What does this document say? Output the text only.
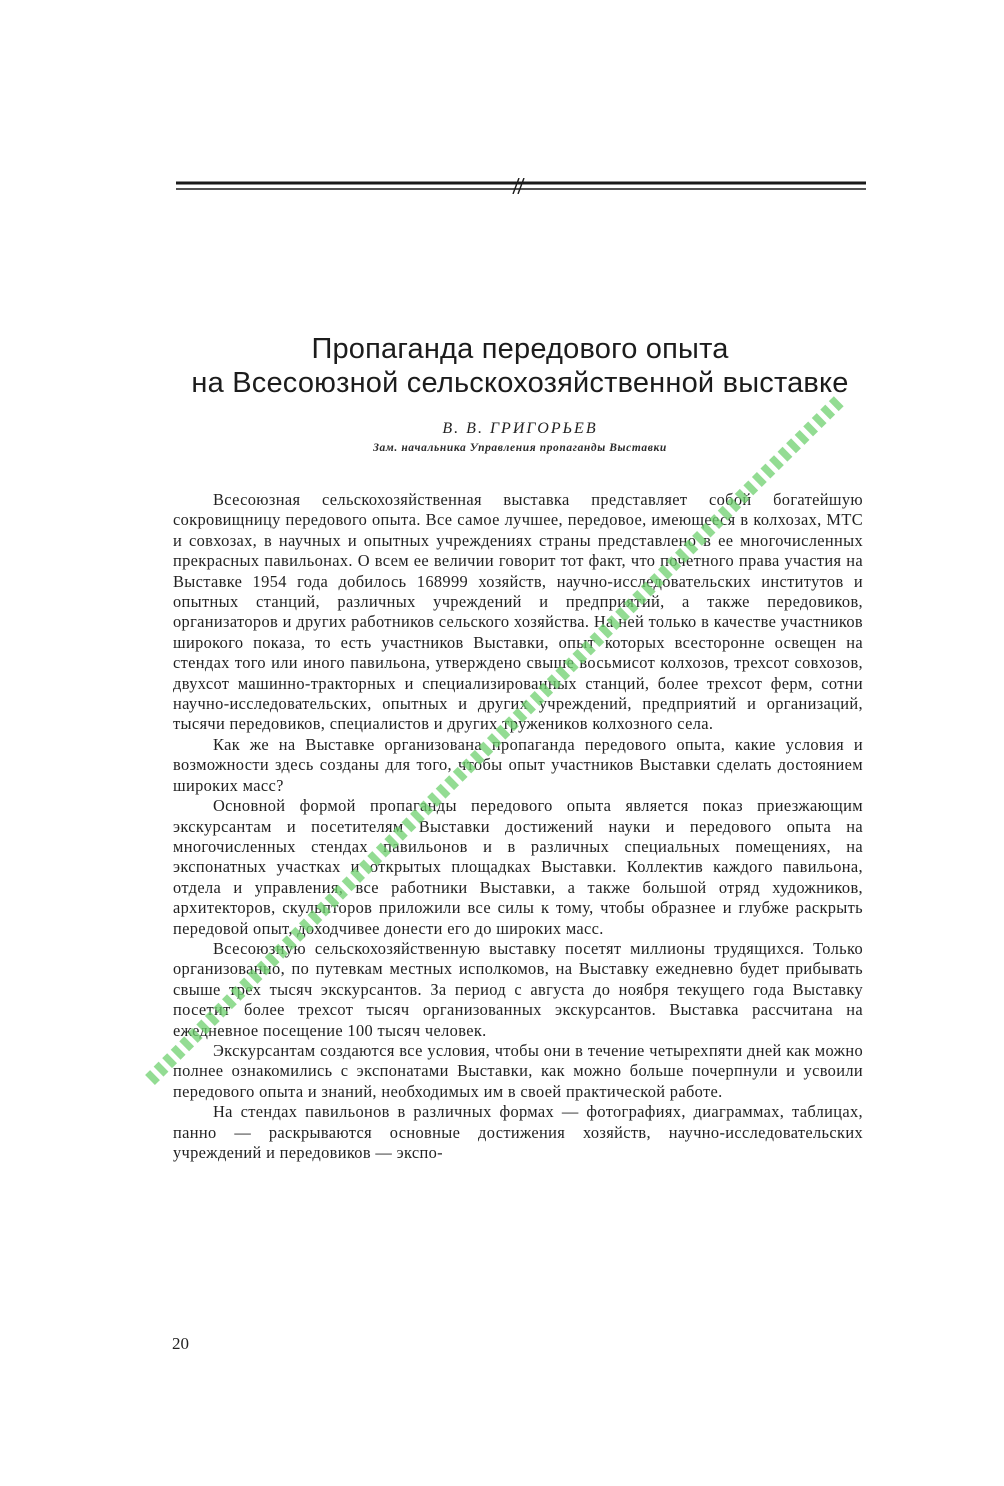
Пропаганда передового опыта
на Всесоюзной сельскохозяйственной выставке
В. В. ГРИГОРЬЕВ
Зам. начальника Управления пропаганды Выставки

Всесоюзная сельскохозяйственная выставка представляет собой богатейшую сокровищницу передового опыта. Все самое лучшее, передовое, имеющееся в колхозах, МТС и совхозах, в научных и опытных учреждениях страны представлено в ее многочисленных прекрасных павильонах. О всем ее величии говорит тот факт, что почетного права участия на Выставке 1954 года добилось 168999 хозяйств, научно-исследовательских институтов и опытных станций, различных учреждений и предприятий, а также передовиков, организаторов и других работников сельского хозяйства. На ней только в качестве участников широкого показа, то есть участников Выставки, опыт которых всесторонне освещен на стендах того или иного павильона, утверждено свыше восьмисот колхозов, трехсот совхозов, двухсот машинно-тракторных и специализированных станций, более трехсот ферм, сотни научно-исследовательских, опытных и других учреждений, предприятий и организаций, тысячи передовиков, специалистов и других тружеников колхозного села.

Как же на Выставке организована пропаганда передового опыта, какие условия и возможности здесь созданы для того, чтобы опыт участников Выставки сделать достоянием широких масс?

Основной формой пропаганды передового опыта является показ приезжающим экскурсантам и посетителям Выставки достижений науки и передового опыта на многочисленных стендах павильонов и в различных специальных помещениях, на экспонатных участках и открытых площадках Выставки. Коллектив каждого павильона, отдела и управления, все работники Выставки, а также большой отряд художников, архитекторов, скульпторов приложили все силы к тому, чтобы образнее и глубже раскрыть передовой опыт, доходчивее донести его до широких масс.

Всесоюзную сельскохозяйственную выставку посетят миллионы трудящихся. Только организованно, по путевкам местных исполкомов, на Выставку ежедневно будет прибывать свыше трех тысяч экскурсантов. За период с августа до ноября текущего года Выставку посетит более трехсот тысяч организованных экскурсантов. Выставка рассчитана на ежедневное посещение 100 тысяч человек.

Экскурсантам создаются все условия, чтобы они в течение четырехпяти дней как можно полнее ознакомились с экспонатами Выставки, как можно больше почерпнули и усвоили передового опыта и знаний, необходимых им в своей практической работе.

На стендах павильонов в различных формах — фотографиях, диаграммах, таблицах, панно — раскрываются основные достижения хозяйств, научно-исследовательских учреждений и передовиков — экспо-

20
